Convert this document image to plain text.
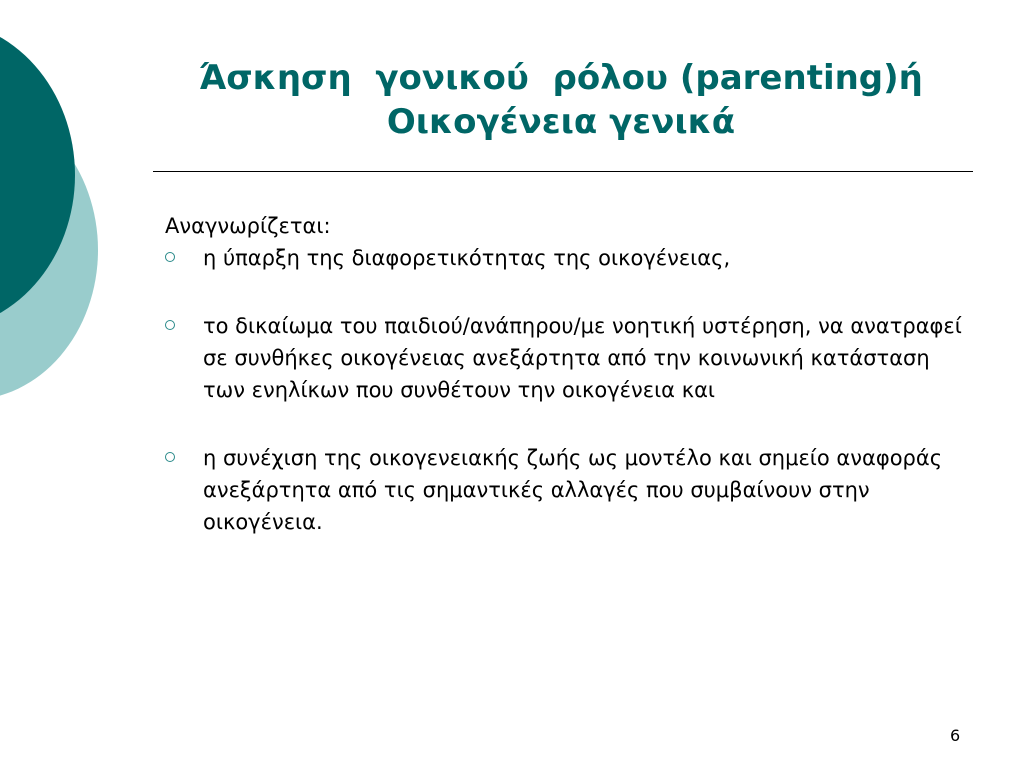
Άσκηση  γονικού  ρόλου (parenting)ή
Οικογένεια γενικά

Αναγνωρίζεται:

η ύπαρξη της διαφορετικότητας της οικογένειας,
το δικαίωμα του παιδιού/ανάπηρου/με νοητική υστέρηση, να ανατραφεί σε συνθήκες οικογένειας ανεξάρτητα από την κοινωνική κατάσταση των ενηλίκων που συνθέτουν την οικογένεια και
η συνέχιση της οικογενειακής ζωής ως μοντέλο και σημείο αναφοράς ανεξάρτητα από τις σημαντικές αλλαγές που συμβαίνουν στην οικογένεια.
6
